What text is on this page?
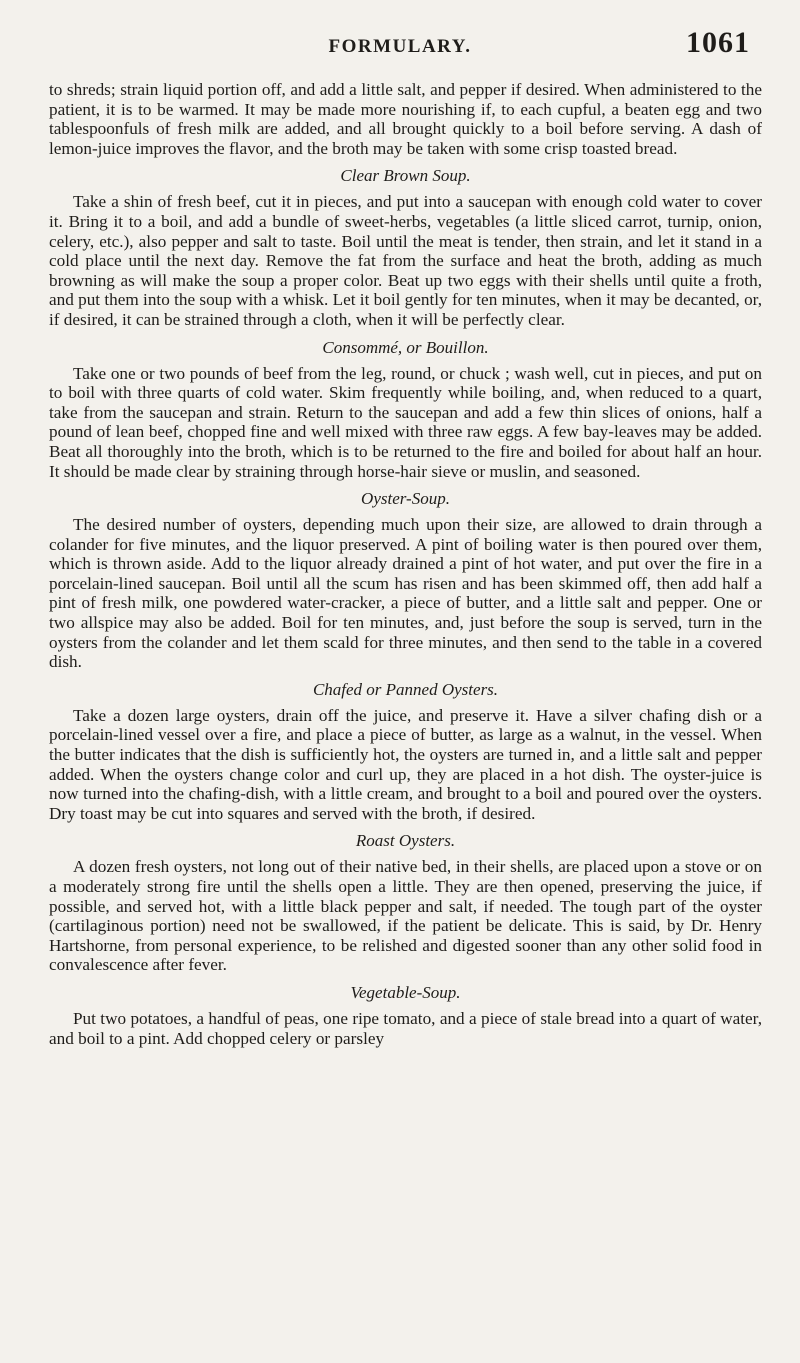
FORMULARY.	1061

to shreds; strain liquid portion off, and add a little salt, and pepper if desired. When administered to the patient, it is to be warmed. It may be made more nourishing if, to each cupful, a beaten egg and two tablespoonfuls of fresh milk are added, and all brought quickly to a boil before serving. A dash of lemon-juice improves the flavor, and the broth may be taken with some crisp toasted bread.

Clear Brown Soup.

Take a shin of fresh beef, cut it in pieces, and put into a saucepan with enough cold water to cover it. Bring it to a boil, and add a bundle of sweet-herbs, vegetables (a little sliced carrot, turnip, onion, celery, etc.), also pepper and salt to taste. Boil until the meat is tender, then strain, and let it stand in a cold place until the next day. Remove the fat from the surface and heat the broth, adding as much browning as will make the soup a proper color. Beat up two eggs with their shells until quite a froth, and put them into the soup with a whisk. Let it boil gently for ten minutes, when it may be decanted, or, if desired, it can be strained through a cloth, when it will be perfectly clear.

Consommé, or Bouillon.

Take one or two pounds of beef from the leg, round, or chuck ; wash well, cut in pieces, and put on to boil with three quarts of cold water. Skim frequently while boiling, and, when reduced to a quart, take from the saucepan and strain. Return to the saucepan and add a few thin slices of onions, half a pound of lean beef, chopped fine and well mixed with three raw eggs. A few bay-leaves may be added. Beat all thoroughly into the broth, which is to be returned to the fire and boiled for about half an hour. It should be made clear by straining through horse-hair sieve or muslin, and seasoned.

Oyster-Soup.

The desired number of oysters, depending much upon their size, are allowed to drain through a colander for five minutes, and the liquor preserved. A pint of boiling water is then poured over them, which is thrown aside. Add to the liquor already drained a pint of hot water, and put over the fire in a porcelain-lined saucepan. Boil until all the scum has risen and has been skimmed off, then add half a pint of fresh milk, one powdered water-cracker, a piece of butter, and a little salt and pepper. One or two allspice may also be added. Boil for ten minutes, and, just before the soup is served, turn in the oysters from the colander and let them scald for three minutes, and then send to the table in a covered dish.

Chafed or Panned Oysters.

Take a dozen large oysters, drain off the juice, and preserve it. Have a silver chafing dish or a porcelain-lined vessel over a fire, and place a piece of butter, as large as a walnut, in the vessel. When the butter indicates that the dish is sufficiently hot, the oysters are turned in, and a little salt and pepper added. When the oysters change color and curl up, they are placed in a hot dish. The oyster-juice is now turned into the chafing-dish, with a little cream, and brought to a boil and poured over the oysters. Dry toast may be cut into squares and served with the broth, if desired.

Roast Oysters.

A dozen fresh oysters, not long out of their native bed, in their shells, are placed upon a stove or on a moderately strong fire until the shells open a little. They are then opened, preserving the juice, if possible, and served hot, with a little black pepper and salt, if needed. The tough part of the oyster (cartilaginous portion) need not be swallowed, if the patient be delicate. This is said, by Dr. Henry Hartshorne, from personal experience, to be relished and digested sooner than any other solid food in convalescence after fever.

Vegetable-Soup.

Put two potatoes, a handful of peas, one ripe tomato, and a piece of stale bread into a quart of water, and boil to a pint. Add chopped celery or parsley
